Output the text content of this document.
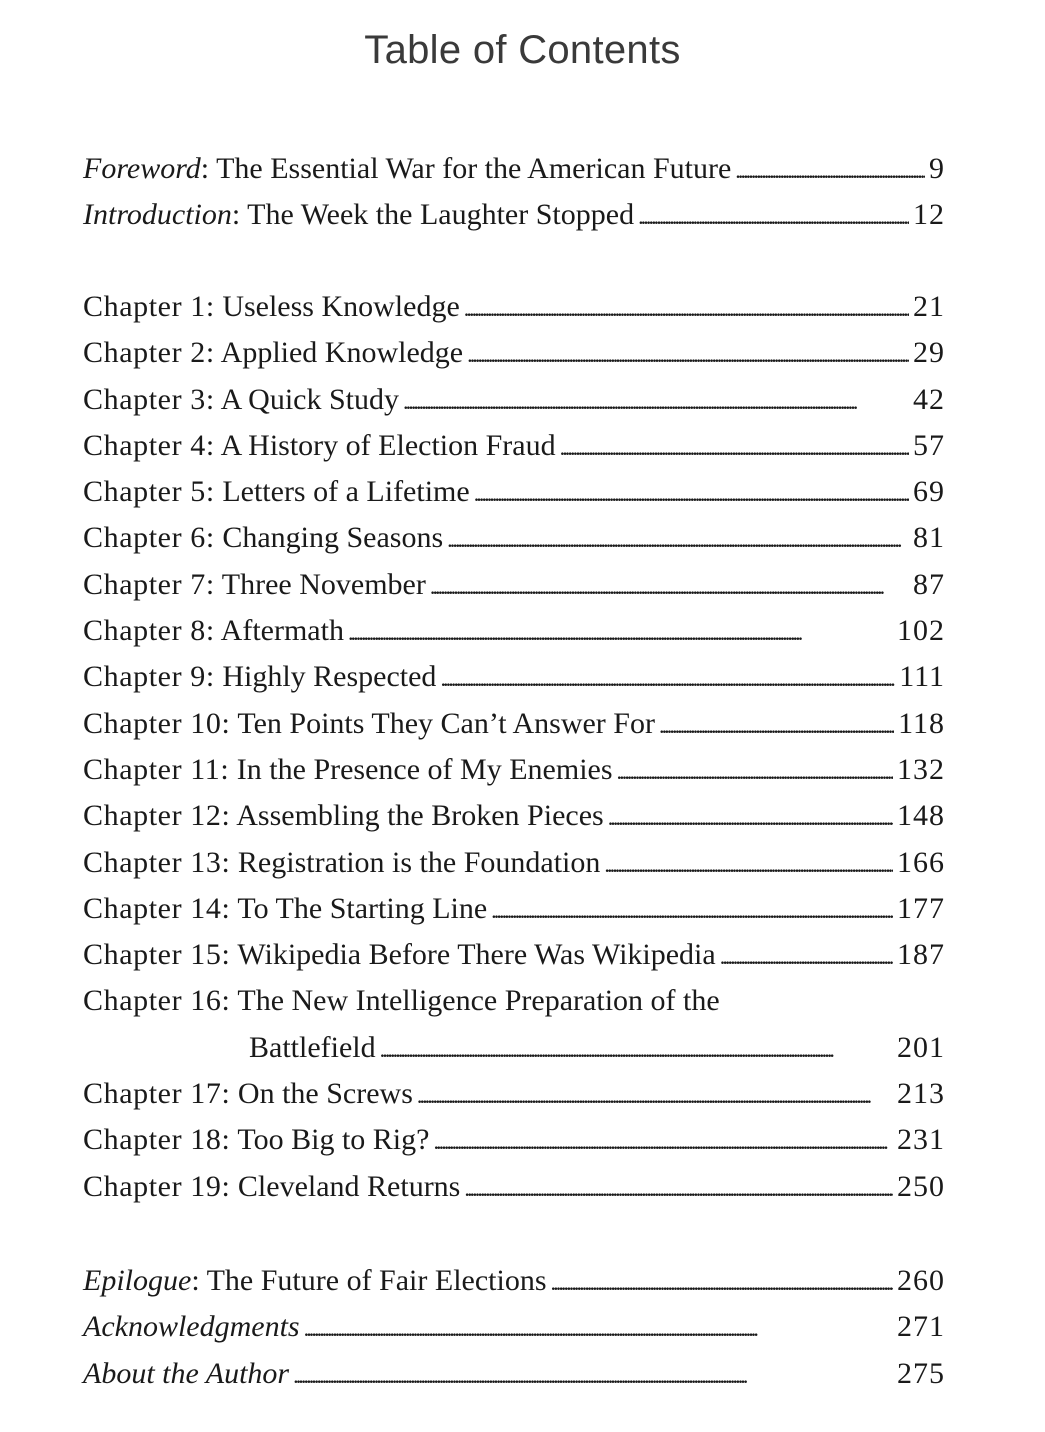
Table of Contents
Foreword: The Essential War for the American Future . . .	9
Introduction: The Week the Laughter Stopped . . .	12
Chapter 1: Useless Knowledge . . .	21
Chapter 2: Applied Knowledge . . .	29
Chapter 3: A Quick Study . . .	42
Chapter 4: A History of Election Fraud . . .	57
Chapter 5: Letters of a Lifetime . . .	69
Chapter 6: Changing Seasons . . .	81
Chapter 7: Three November . . .	87
Chapter 8: Aftermath . . .	102
Chapter 9: Highly Respected . . .	111
Chapter 10: Ten Points They Can’t Answer For . . .	118
Chapter 11: In the Presence of My Enemies . . .	132
Chapter 12: Assembling the Broken Pieces . . .	148
Chapter 13: Registration is the Foundation . . .	166
Chapter 14: To The Starting Line . . .	177
Chapter 15: Wikipedia Before There Was Wikipedia . . .	187
Chapter 16: The New Intelligence Preparation of the
Battlefield . . .	201
Chapter 17: On the Screws . . .	213
Chapter 18: Too Big to Rig? . . .	231
Chapter 19: Cleveland Returns . . .	250
Epilogue: The Future of Fair Elections . . .	260
Acknowledgments . . .	271
About the Author . . .	275
